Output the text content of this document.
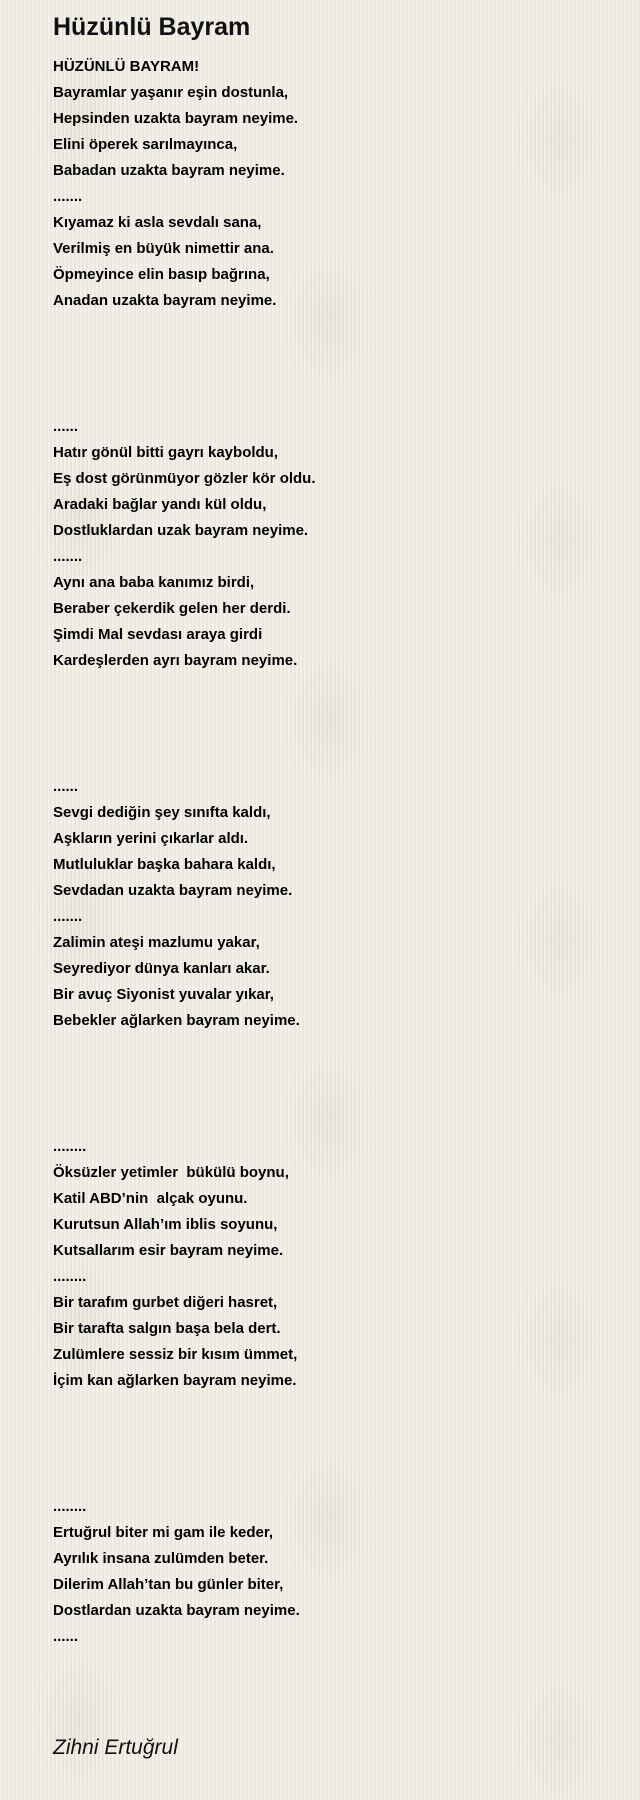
Hüzünlü Bayram
HÜZÜNLÜ BAYRAM!
Bayramlar yaşanır eşin dostunla,
Hepsinden uzakta bayram neyime.
Elini öperek sarılmayınca,
Babadan uzakta bayram neyime.
.......
Kıyamaz ki asla sevdalı sana,
Verilmiş en büyük nimettir ana.
Öpmeyince elin basıp bağrına,
Anadan uzakta bayram neyime.
......
Hatır gönül bitti gayrı kayboldu,
Eş dost görünmüyor gözler kör oldu.
Aradaki bağlar yandı kül oldu,
Dostluklardan uzak bayram neyime.
.......
Aynı ana baba kanımız birdi,
Beraber çekerdik gelen her derdi.
Şimdi Mal sevdası araya girdi
Kardeşlerden ayrı bayram neyime.
......
Sevgi dediğin şey sınıfta kaldı,
Aşkların yerini çıkarlar aldı.
Mutluluklar başka bahara kaldı,
Sevdadan uzakta bayram neyime.
.......
Zalimin ateşi mazlumu yakar,
Seyrediyor dünya kanları akar.
Bir avuç Siyonist yuvalar yıkar,
Bebekler ağlarken bayram neyime.
........
Öksüzler yetimler  bükülü boynu,
Katil ABD’nin  alçak oyunu.
Kurutsun Allah’ım iblis soyunu,
Kutsallarım esir bayram neyime.
........
Bir tarafım gurbet diğeri hasret,
Bir tarafta salgın başa bela dert.
Zulümlere sessiz bir kısım ümmet,
İçim kan ağlarken bayram neyime.
........
Ertuğrul biter mi gam ile keder,
Ayrılık insana zulümden beter.
Dilerim Allah’tan bu günler biter,
Dostlardan uzakta bayram neyime.
......
Zihni Ertuğrul
